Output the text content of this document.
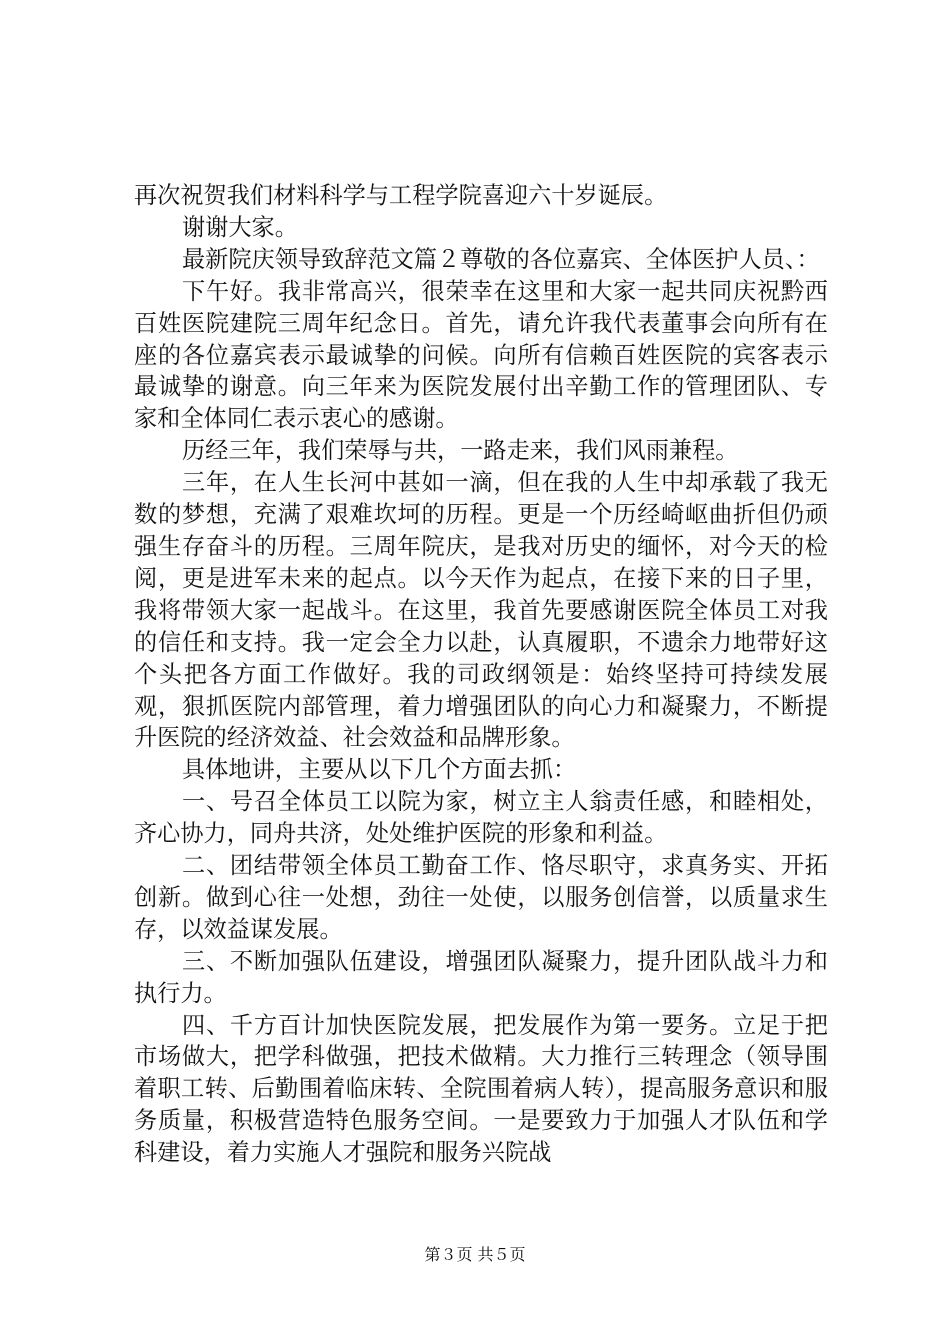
再次祝贺我们材料科学与工程学院喜迎六十岁诞辰。

谢谢大家。

最新院庆领导致辞范文篇２尊敬的各位嘉宾、全体医护人员、：

下午好。我非常高兴，很荣幸在这里和大家一起共同庆祝黔西百姓医院建院三周年纪念日。首先，请允许我代表董事会向所有在座的各位嘉宾表示最诚挚的问候。向所有信赖百姓医院的宾客表示最诚挚的谢意。向三年来为医院发展付出辛勤工作的管理团队、专家和全体同仁表示衷心的感谢。

历经三年，我们荣辱与共，一路走来，我们风雨兼程。

三年，在人生长河中甚如一滴，但在我的人生中却承载了我无数的梦想，充满了艰难坎坷的历程。更是一个历经崎岖曲折但仍顽强生存奋斗的历程。三周年院庆，是我对历史的缅怀，对今天的检阅，更是进军未来的起点。以今天作为起点，在接下来的日子里，我将带领大家一起战斗。在这里，我首先要感谢医院全体员工对我的信任和支持。我一定会全力以赴，认真履职，不遗余力地带好这个头把各方面工作做好。我的司政纲领是：始终坚持可持续发展观，狠抓医院内部管理，着力增强团队的向心力和凝聚力，不断提升医院的经济效益、社会效益和品牌形象。

具体地讲，主要从以下几个方面去抓：

一、号召全体员工以院为家，树立主人翁责任感，和睦相处，齐心协力，同舟共济，处处维护医院的形象和利益。

二、团结带领全体员工勤奋工作、恪尽职守，求真务实、开拓创新。做到心往一处想，劲往一处使，以服务创信誉，以质量求生存，以效益谋发展。

三、不断加强队伍建设，增强团队凝聚力，提升团队战斗力和执行力。

四、千方百计加快医院发展，把发展作为第一要务。立足于把市场做大，把学科做强，把技术做精。大力推行三转理念（领导围着职工转、后勤围着临床转、全院围着病人转），提高服务意识和服务质量，积极营造特色服务空间。一是要致力于加强人才队伍和学科建设，着力实施人才强院和服务兴院战

第３页 共５页
